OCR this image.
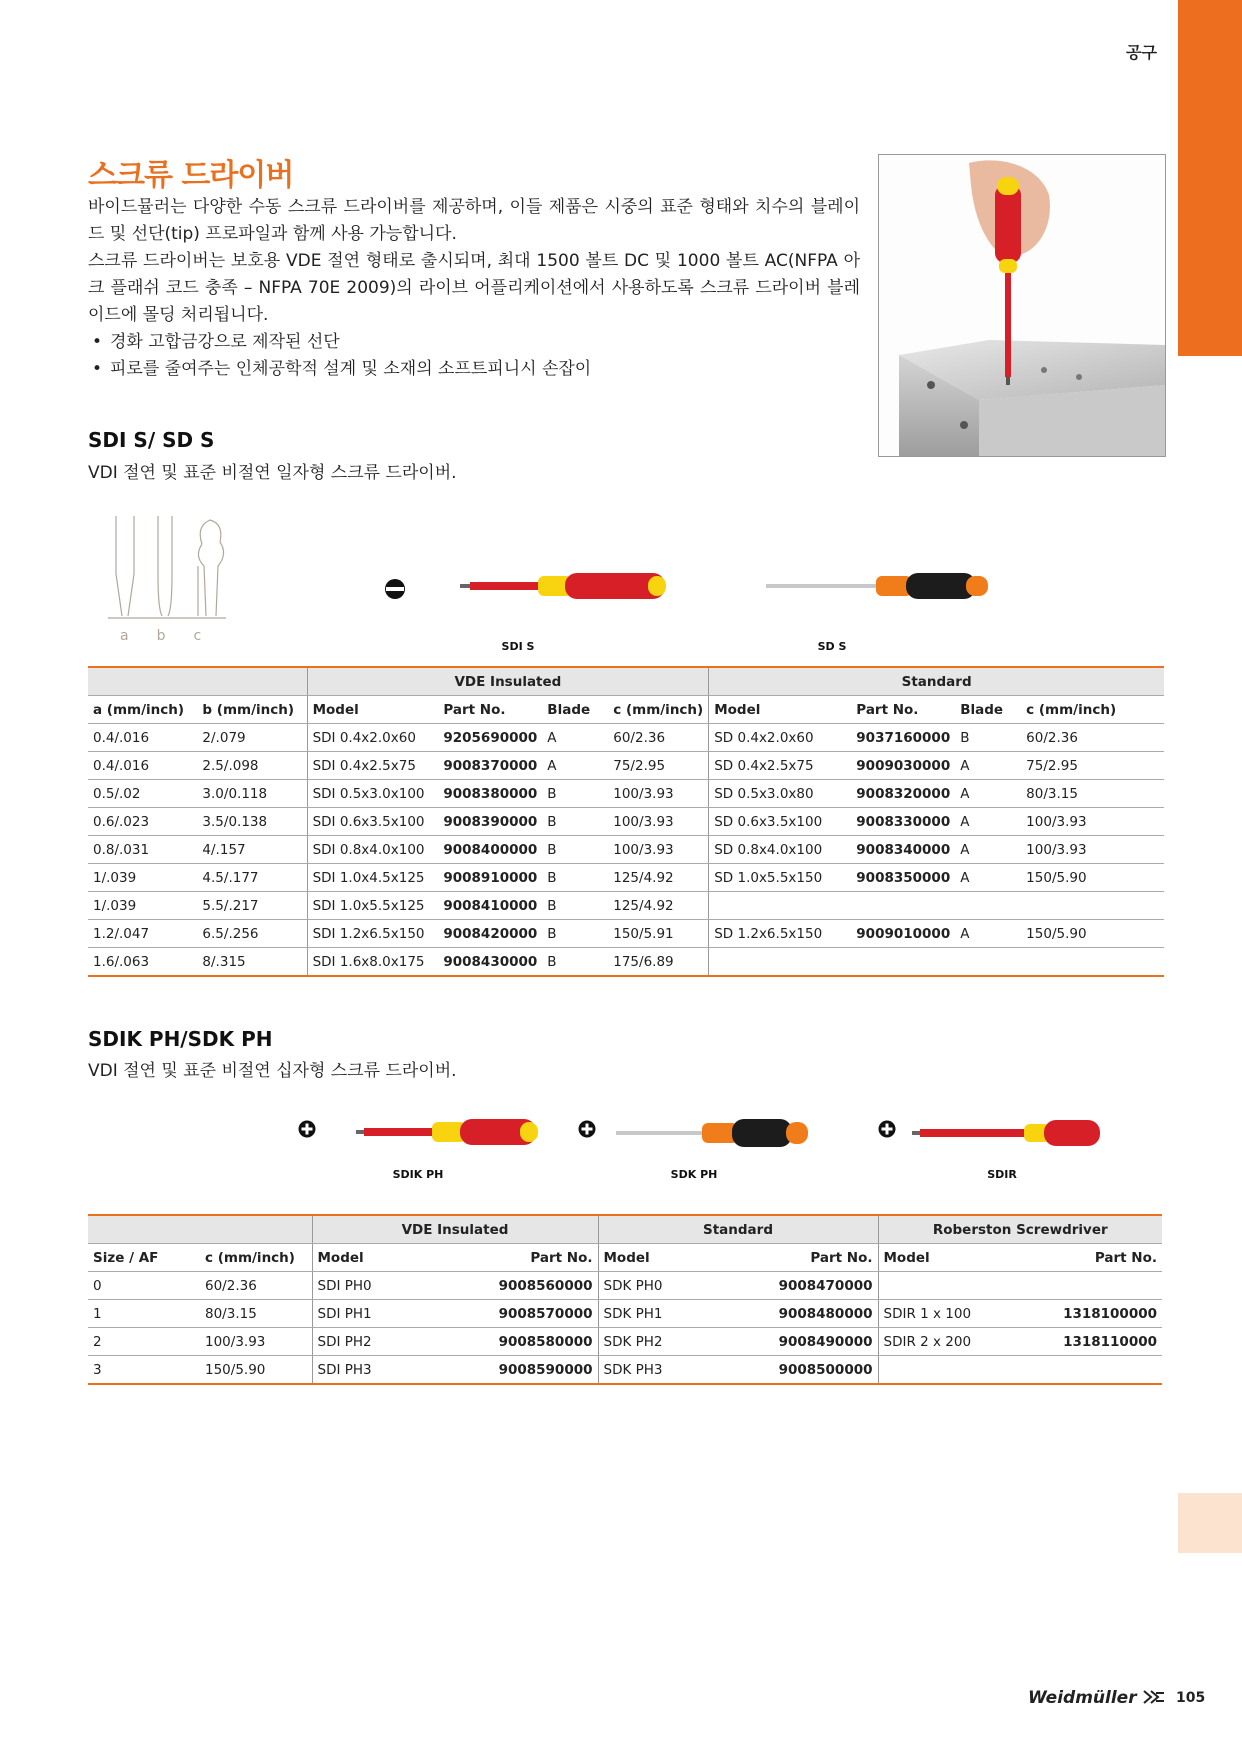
공구
스크류 드라이버

바이드뮬러는 다양한 수동 스크류 드라이버를 제공하며, 이들 제품은 시중의 표준 형태와 치수의 블레이드 및 선단(tip) 프로파일과 함께 사용 가능합니다.

스크류 드라이버는 보호용 VDE 절연 형태로 출시되며, 최대 1500 볼트 DC 및 1000 볼트 AC(NFPA 아크 플래쉬 코드 충족 – NFPA 70E 2009)의 라이브 어플리케이션에서 사용하도록 스크류 드라이버 블레이드에 몰딩 처리됩니다.

• 경화 고합금강으로 제작된 선단
• 피로를 줄여주는 인체공학적 설계 및 소재의 소프트피니시 손잡이
SDI S/ SD S
VDI 절연 및 표준 비절연 일자형 스크류 드라이버.
a b c
SDI S	SD S
		VDE Insulated				Standard			
a (mm/inch)	b (mm/inch)	Model	Part No.	Blade	c (mm/inch)	Model	Part No.	Blade	c (mm/inch)
0.4/.016	2/.079	SDI 0.4x2.0x60	9205690000	A	60/2.36	SD 0.4x2.0x60	9037160000	B	60/2.36
0.4/.016	2.5/.098	SDI 0.4x2.5x75	9008370000	A	75/2.95	SD 0.4x2.5x75	9009030000	A	75/2.95
0.5/.02	3.0/0.118	SDI 0.5x3.0x100	9008380000	B	100/3.93	SD 0.5x3.0x80	9008320000	A	80/3.15
0.6/.023	3.5/0.138	SDI 0.6x3.5x100	9008390000	B	100/3.93	SD 0.6x3.5x100	9008330000	A	100/3.93
0.8/.031	4/.157	SDI 0.8x4.0x100	9008400000	B	100/3.93	SD 0.8x4.0x100	9008340000	A	100/3.93
1/.039	4.5/.177	SDI 1.0x4.5x125	9008910000	B	125/4.92	SD 1.0x5.5x150	9008350000	A	150/5.90
1/.039	5.5/.217	SDI 1.0x5.5x125	9008410000	B	125/4.92				
1.2/.047	6.5/.256	SDI 1.2x6.5x150	9008420000	B	150/5.91	SD 1.2x6.5x150	9009010000	A	150/5.90
1.6/.063	8/.315	SDI 1.6x8.0x175	9008430000	B	175/6.89				
SDIK PH/SDK PH
VDI 절연 및 표준 비절연 십자형 스크류 드라이버.
SDIK PH	SDK PH	SDIR
		VDE Insulated		Standard		Roberston Screwdriver	
Size / AF	c (mm/inch)	Model	Part No.	Model	Part No.	Model	Part No.
0	60/2.36	SDI PH0	9008560000	SDK PH0	9008470000		
1	80/3.15	SDI PH1	9008570000	SDK PH1	9008480000	SDIR 1 x 100	1318100000
2	100/3.93	SDI PH2	9008580000	SDK PH2	9008490000	SDIR 2 x 200	1318110000
3	150/5.90	SDI PH3	9008590000	SDK PH3	9008500000		
Weidmüller	105
